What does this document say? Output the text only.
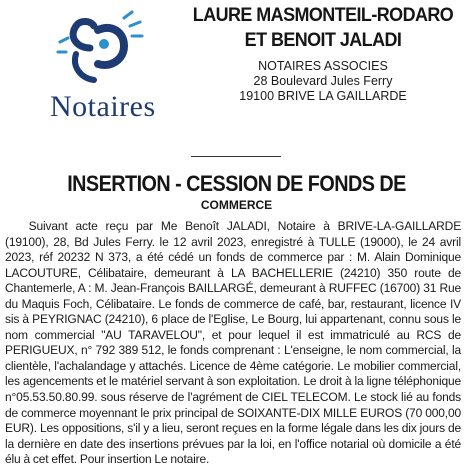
Notaires
LAURE MASMONTEIL-RODARO
ET BENOIT JALADI
NOTAIRES ASSOCIES
28 Boulevard Jules Ferry
19100 BRIVE LA GAILLARDE
INSERTION - CESSION DE FONDS DE
COMMERCE
Suivant acte reçu par Me Benoît JALADI, Notaire à BRIVE-LA-GAILLARDE (19100), 28, Bd Jules Ferry. le 12 avril 2023, enregistré à TULLE (19000), le 24 avril 2023, réf 20232 N 373, a été cédé un fonds de commerce par : M. Alain Dominique LACOUTURE, Célibataire, demeurant à LA BACHELLERIE (24210) 350 route de Chantemerle, A : M. Jean-François BAILLARGÉ, demeurant à RUFFEC (16700) 31 Rue du Maquis Foch, Célibataire. Le fonds de commerce de café, bar, restaurant, licence IV sis à PEYRIGNAC (24210), 6 place de l'Eglise, Le Bourg, lui appartenant, connu sous le nom commercial "AU TARAVELOU", et pour lequel il est immatriculé au RCS de PERIGUEUX, n° 792 389 512, le fonds comprenant : L'enseigne, le nom commercial, la clientèle, l'achalandage y attachés. Licence de 4ème catégorie. Le mobilier commercial, les agencements et le matériel servant à son exploitation. Le droit à la ligne téléphonique n°05.53.50.80.99. sous réserve de l'agrément de CIEL TELECOM. Le stock lié au fonds de commerce moyennant le prix principal de SOIXANTE-DIX MILLE EUROS (70 000,00 EUR). Les oppositions, s'il y a lieu, seront reçues en la forme légale dans les dix jours de la dernière en date des insertions prévues par la loi, en l'office notarial où domicile a été élu à cet effet. Pour insertion Le notaire.
